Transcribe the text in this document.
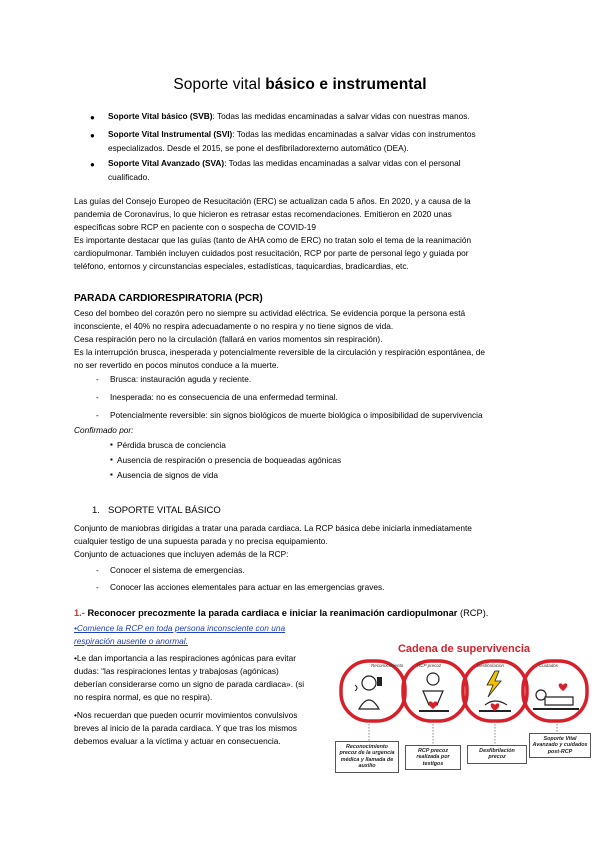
Soporte vital básico e instrumental
● Soporte Vital básico (SVB): Todas las medidas encaminadas a salvar vidas con nuestras manos.
● Soporte Vital Instrumental (SVI): Todas las medidas encaminadas a salvar vidas con instrumentos
especializados. Desde el 2015, se pone el desfibriladorexterno automático (DEA).
● Soporte Vital Avanzado (SVA): Todas las medidas encaminadas a salvar vidas con el personal
cualificado.
Las guías del Consejo Europeo de Resucitación (ERC) se actualizan cada 5 años. En 2020, y a causa de la
pandemia de Coronavirus, lo que hicieron es retrasar estas recomendaciones. Emitieron en 2020 unas
específicas sobre RCP en paciente con o sospecha de COVID-19
Es importante destacar que las guías (tanto de AHA como de ERC) no tratan solo el tema de la reanimación
cardiopulmonar. También incluyen cuidados post resucitación, RCP por parte de personal lego y guiada por
teléfono, entornos y circunstancias especiales, estadísticas, taquicardias, bradicardias, etc.
PARADA CARDIORESPIRATORIA (PCR)
Ceso del bombeo del corazón pero no siempre su actividad eléctrica. Se evidencia porque la persona está
inconsciente, el 40% no respira adecuadamente o no respira y no tiene signos de vida.
Cesa respiración pero no la circulación (fallará en varios momentos sin respiración).
Es la interrupción brusca, inesperada y potencialmente reversible de la circulación y respiración espontánea, de
no ser revertido en pocos minutos conduce a la muerte.
- Brusca: instauración aguda y reciente.
- Inesperada: no es consecuencia de una enfermedad terminal.
- Potencialmente reversible: sin signos biológicos de muerte biológica o imposibilidad de supervivencia
Confirmado por:
▪ Pérdida brusca de conciencia
▪ Ausencia de respiración o presencia de boqueadas agónicas
▪ Ausencia de signos de vida
1. SOPORTE VITAL BÁSICO
Conjunto de maniobras dirigidas a tratar una parada cardiaca. La RCP básica debe iniciarla inmediatamente
cualquier testigo de una supuesta parada y no precisa equipamiento.
Conjunto de actuaciones que incluyen además de la RCP:
- Conocer el sistema de emergencias.
- Conocer las acciones elementales para actuar en las emergencias graves.
1.- Reconocer precozmente la parada cardiaca e iniciar la reanimación cardiopulmonar (RCP).
•Comience la RCP en toda persona inconsciente con una
respiración ausente o anormal.
•Le dan importancia a las respiraciones agónicas para evitar
dudas: “las respiraciones lentas y trabajosas (agónicas)
deberían considerarse como un signo de parada cardiaca». (si
no respira normal, es que no respira).
•Nos recuerdan que pueden ocurrir movimientos convulsivos
breves al inicio de la parada cardiaca. Y que tras los mismos
debemos evaluar a la víctima y actuar en consecuencia.
Cadena de supervivencia
Reconocimiento	RCP precoz	Desfibrilación	Cuidados
Reconocimiento precoz de la urgencia médica y llamada de auxilio
RCP precoz realizada por testigos
Desfibrilación precoz
Soporte Vital Avanzado y cuidados post-RCP
